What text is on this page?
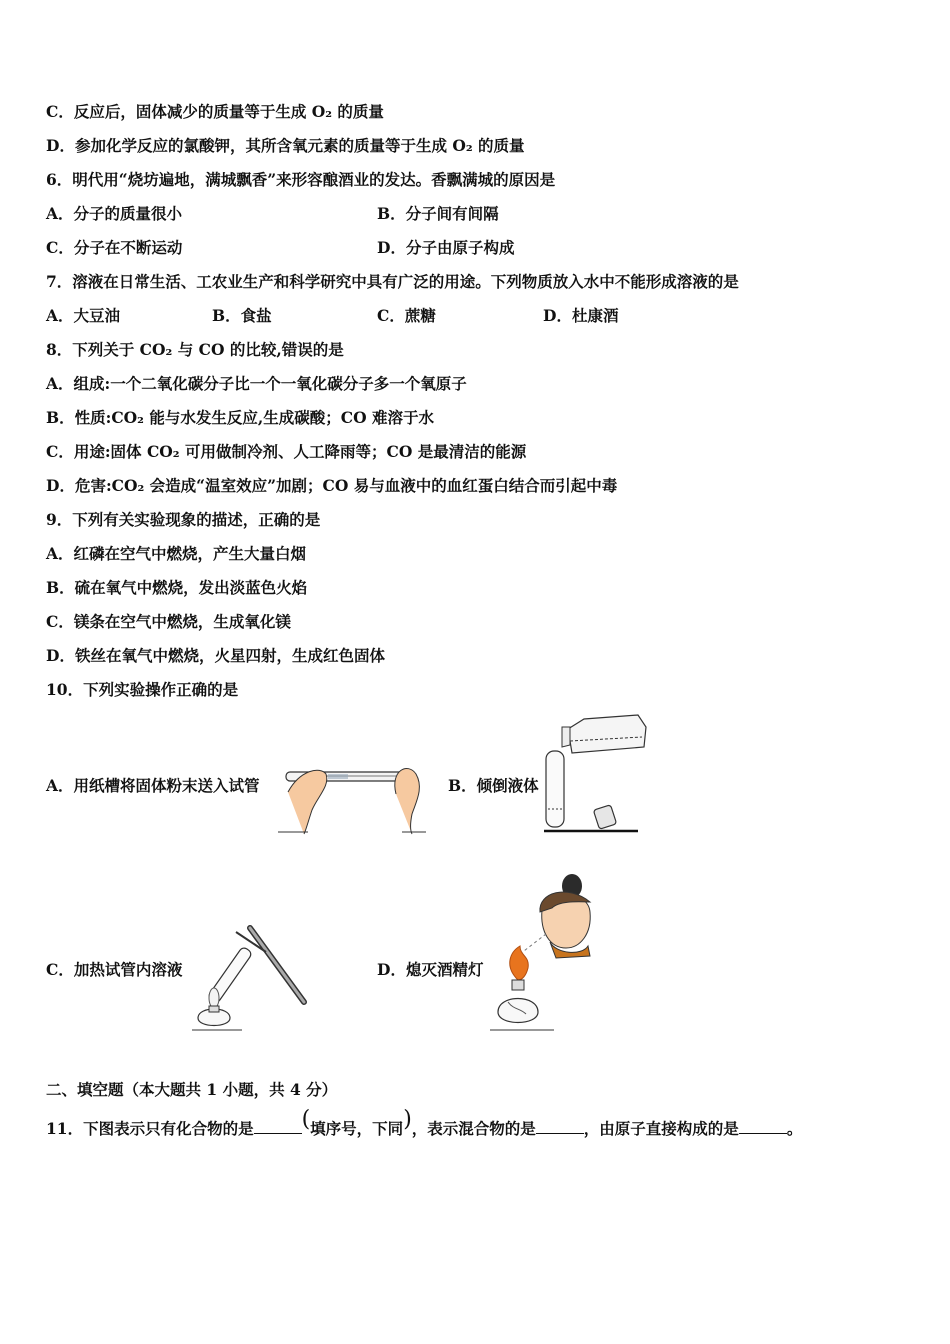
C．反应后，固体减少的质量等于生成 O₂ 的质量
D．参加化学反应的氯酸钾，其所含氧元素的质量等于生成 O₂ 的质量
6．明代用“烧坊遍地，满城飘香”来形容酿酒业的发达。香飘满城的原因是
A．分子的质量很小	B．分子间有间隔
C．分子在不断运动	D．分子由原子构成
7．溶液在日常生活、工农业生产和科学研究中具有广泛的用途。下列物质放入水中不能形成溶液的是
A．大豆油	B．食盐	C．蔗糖	D．杜康酒
8．下列关于 CO₂ 与 CO 的比较,错误的是
A．组成:一个二氧化碳分子比一个一氧化碳分子多一个氧原子
B．性质:CO₂ 能与水发生反应,生成碳酸；CO 难溶于水
C．用途:固体 CO₂ 可用做制冷剂、人工降雨等；CO 是最清洁的能源
D．危害:CO₂ 会造成“温室效应”加剧；CO 易与血液中的血红蛋白结合而引起中毒
9．下列有关实验现象的描述，正确的是
A．红磷在空气中燃烧，产生大量白烟
B．硫在氧气中燃烧，发出淡蓝色火焰
C．镁条在空气中燃烧，生成氧化镁
D．铁丝在氧气中燃烧，火星四射，生成红色固体
10．下列实验操作正确的是
A．用纸槽将固体粉末送入试管	B．倾倒液体
C．加热试管内溶液	D．熄灭酒精灯
二、填空题（本大题共 1 小题，共 4 分）
11．下图表示只有化合物的是 (填序号，下同)，表示混合物的是	，由原子直接构成的是	。
